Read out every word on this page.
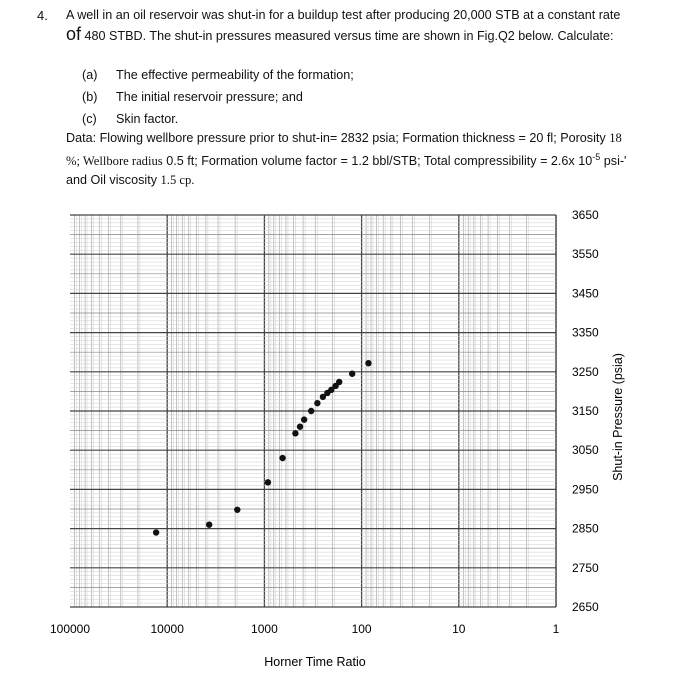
4. A well in an oil reservoir was shut-in for a buildup test after producing 20,000 STB at a constant rate of 480 STBD. The shut-in pressures measured versus time are shown in Fig.Q2 below. Calculate:
(a)	The effective permeability of the formation;
(b)	The initial reservoir pressure; and
(c)	Skin factor.
Data: Flowing wellbore pressure prior to shut-in= 2832 psia; Formation thickness = 20 fl; Porosity 18 %; Wellbore radius 0.5 ft; Formation volume factor = 1.2 bbl/STB; Total compressibility = 2.6x $10^{-5}$ psi-' and Oil viscosity 1.5 cp.
100000	10000	1000	100	10	1
3650
3550
3450
3350
3250
3150
3050
2950
2850
2750
2650
Shut-in Pressure (psia)
Horner Time Ratio
